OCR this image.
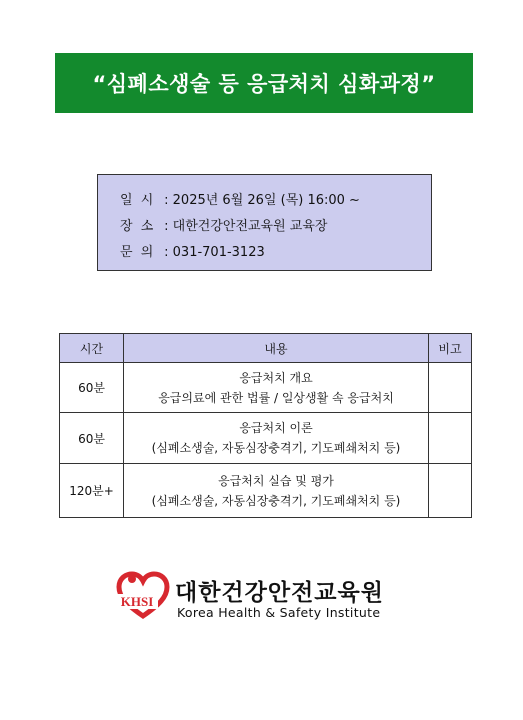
“심폐소생술 등 응급처치 심화과정”
일 시 : 2025년 6월 26일 (목) 16:00 ~
장 소 : 대한건강안전교육원 교육장
문 의 : 031-701-3123
시간	내용	비고
60분	응급처치 개요
응급의료에 관한 법률 / 일상생활 속 응급처치	

60분	응급처치 이론
(심폐소생술, 자동심장충격기, 기도폐쇄처치 등)	

120분+	응급처치 실습 및 평가
(심폐소생술, 자동심장충격기, 기도폐쇄처치 등)	

KHSI 대한건강안전교육원
Korea Health & Safety Institute
